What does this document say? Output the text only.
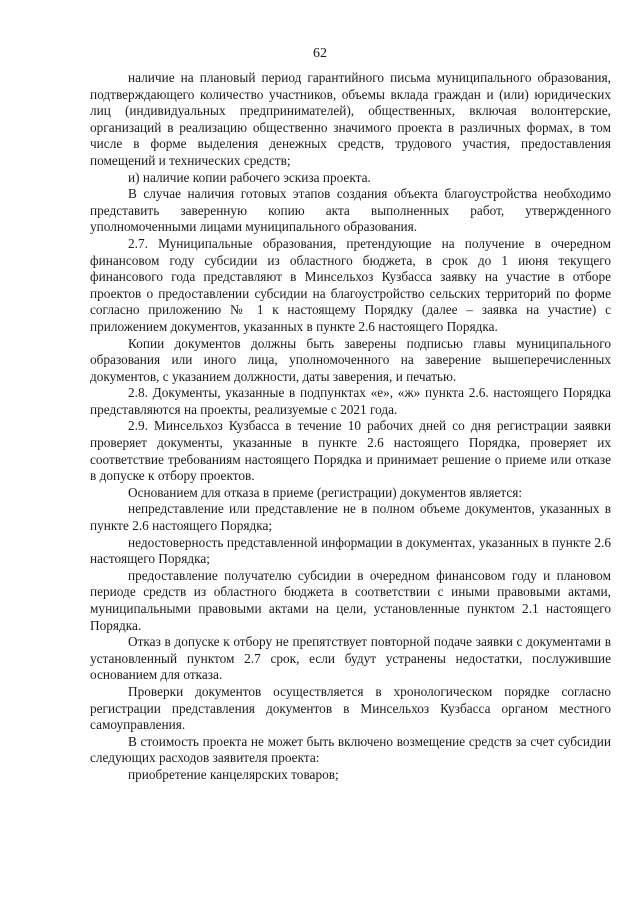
62

наличие на плановый период гарантийного письма муниципального образования, подтверждающего количество участников, объемы вклада граждан и (или) юридических лиц (индивидуальных предпринимателей), общественных, включая волонтерские, организаций в реализацию общественно значимого проекта в различных формах, в том числе в форме выделения денежных средств, трудового участия, предоставления помещений и технических средств;

и) наличие копии рабочего эскиза проекта.

В случае наличия готовых этапов создания объекта благоустройства необходимо представить заверенную копию акта выполненных работ, утвержденного уполномоченными лицами муниципального образования.

2.7. Муниципальные образования, претендующие на получение в очередном финансовом году субсидии из областного бюджета, в срок до 1 июня текущего финансового года представляют в Минсельхоз Кузбасса заявку на участие в отборе проектов о предоставлении субсидии на благоустройство сельских территорий по форме согласно приложению № 1 к настоящему Порядку (далее – заявка на участие) с приложением документов, указанных в пункте 2.6 настоящего Порядка.

Копии документов должны быть заверены подписью главы муниципального образования или иного лица, уполномоченного на заверение вышеперечисленных документов, с указанием должности, даты заверения, и печатью.

2.8. Документы, указанные в подпунктах «е», «ж» пункта 2.6. настоящего Порядка представляются на проекты, реализуемые с 2021 года.

2.9. Минсельхоз Кузбасса в течение 10 рабочих дней со дня регистрации заявки проверяет документы, указанные в пункте 2.6 настоящего Порядка, проверяет их соответствие требованиям настоящего Порядка и принимает решение о приеме или отказе в допуске к отбору проектов.

Основанием для отказа в приеме (регистрации) документов является:

непредставление или представление не в полном объеме документов, указанных в пункте 2.6 настоящего Порядка;

недостоверность представленной информации в документах, указанных в пункте 2.6 настоящего Порядка;

предоставление получателю субсидии в очередном финансовом году и плановом периоде средств из областного бюджета в соответствии с иными правовыми актами, муниципальными правовыми актами на цели, установленные пунктом 2.1 настоящего Порядка.

Отказ в допуске к отбору не препятствует повторной подаче заявки с документами в установленный пунктом 2.7 срок, если будут устранены недостатки, послужившие основанием для отказа.

Проверки документов осуществляется в хронологическом порядке согласно регистрации представления документов в Минсельхоз Кузбасса органом местного самоуправления.

В стоимость проекта не может быть включено возмещение средств за счет субсидии следующих расходов заявителя проекта:

приобретение канцелярских товаров;
